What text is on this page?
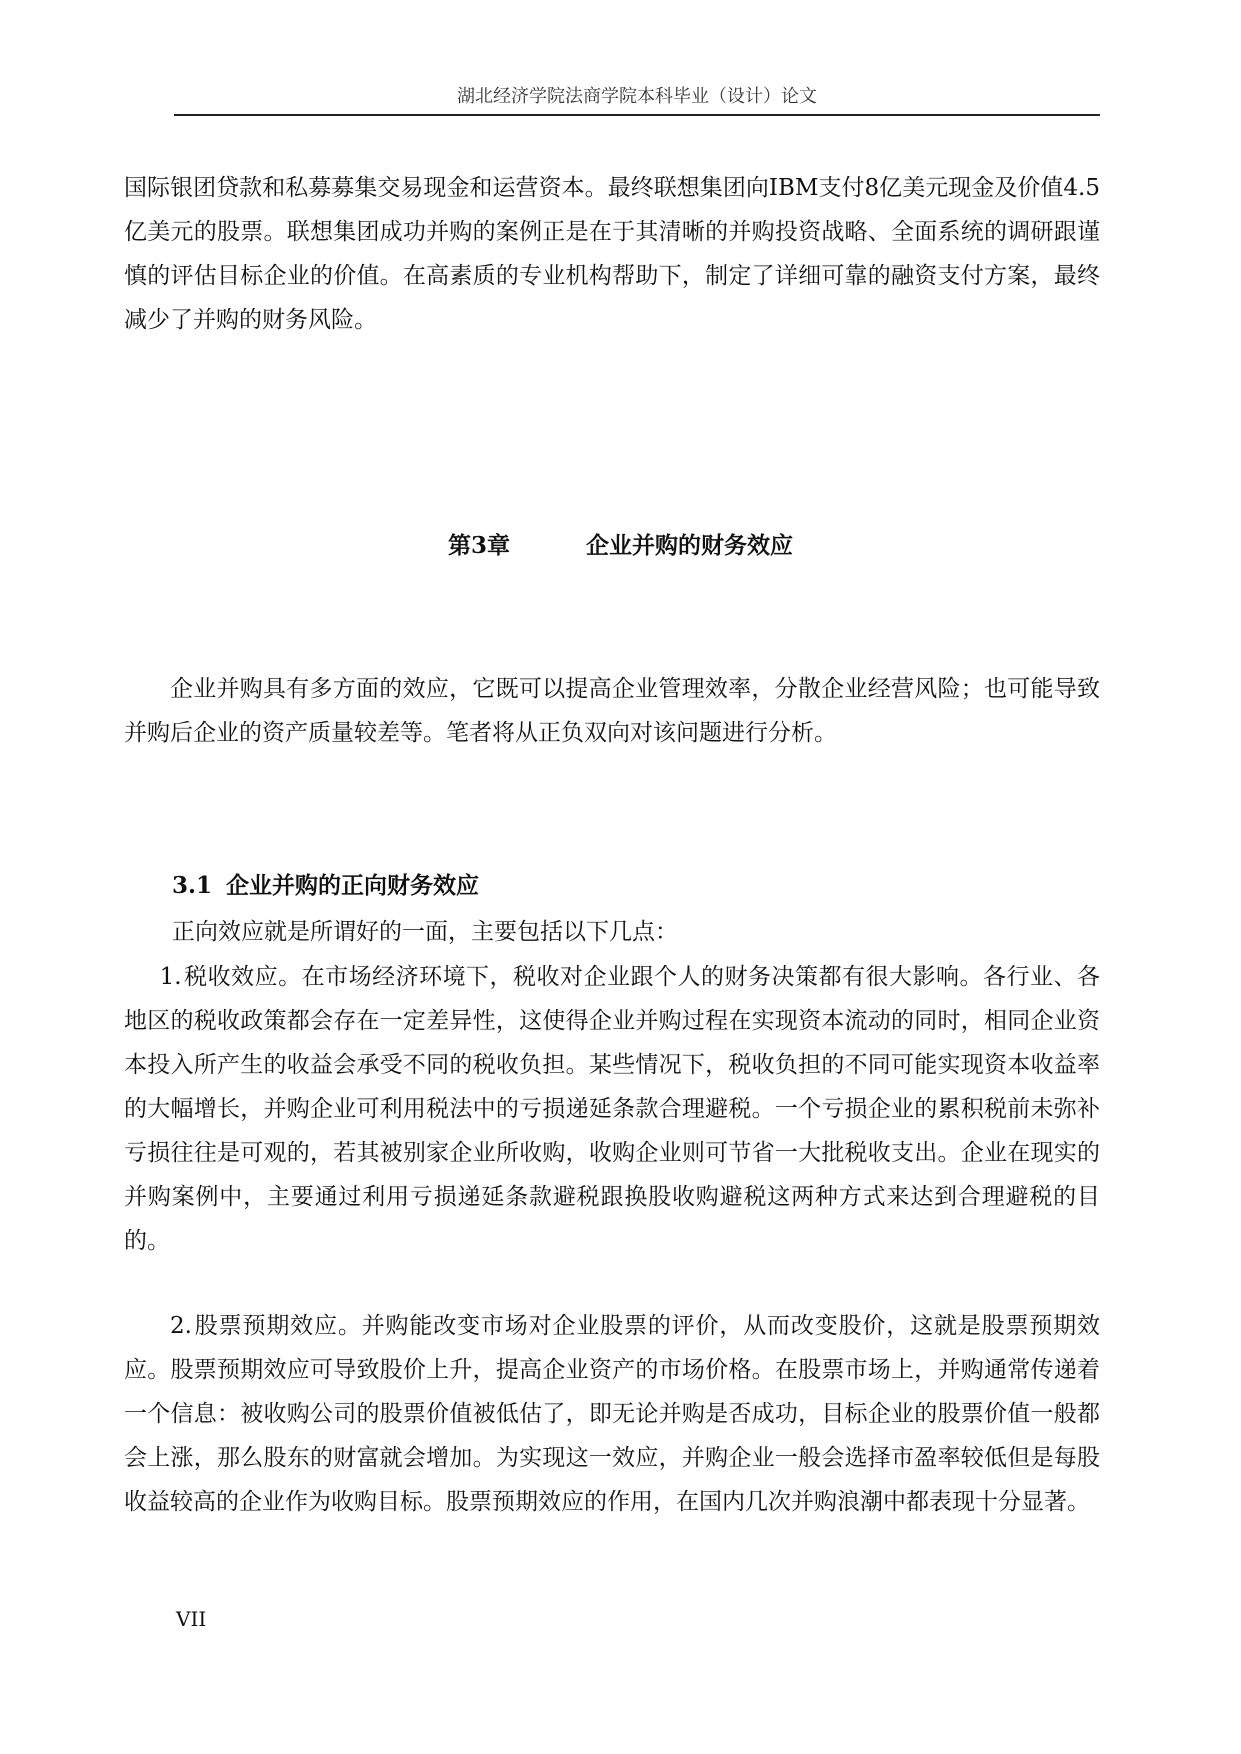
湖北经济学院法商学院本科毕业（设计）论文

国际银团贷款和私募募集交易现金和运营资本。最终联想集团向IBM支付8亿美元现金及价值4.5亿美元的股票。联想集团成功并购的案例正是在于其清晰的并购投资战略、全面系统的调研跟谨慎的评估目标企业的价值。在高素质的专业机构帮助下，制定了详细可靠的融资支付方案，最终减少了并购的财务风险。

第3章	企业并购的财务效应

企业并购具有多方面的效应，它既可以提高企业管理效率，分散企业经营风险；也可能导致并购后企业的资产质量较差等。笔者将从正负双向对该问题进行分析。

3.1 企业并购的正向财务效应

正向效应就是所谓好的一面，主要包括以下几点：

1.税收效应。在市场经济环境下，税收对企业跟个人的财务决策都有很大影响。各行业、各地区的税收政策都会存在一定差异性，这使得企业并购过程在实现资本流动的同时，相同企业资本投入所产生的收益会承受不同的税收负担。某些情况下，税收负担的不同可能实现资本收益率的大幅增长，并购企业可利用税法中的亏损递延条款合理避税。一个亏损企业的累积税前未弥补亏损往往是可观的，若其被别家企业所收购，收购企业则可节省一大批税收支出。企业在现实的并购案例中，主要通过利用亏损递延条款避税跟换股收购避税这两种方式来达到合理避税的目的。

2.股票预期效应。并购能改变市场对企业股票的评价，从而改变股价，这就是股票预期效应。股票预期效应可导致股价上升，提高企业资产的市场价格。在股票市场上，并购通常传递着一个信息：被收购公司的股票价值被低估了，即无论并购是否成功，目标企业的股票价值一般都会上涨，那么股东的财富就会增加。为实现这一效应，并购企业一般会选择市盈率较低但是每股收益较高的企业作为收购目标。股票预期效应的作用，在国内几次并购浪潮中都表现十分显著。

VII
